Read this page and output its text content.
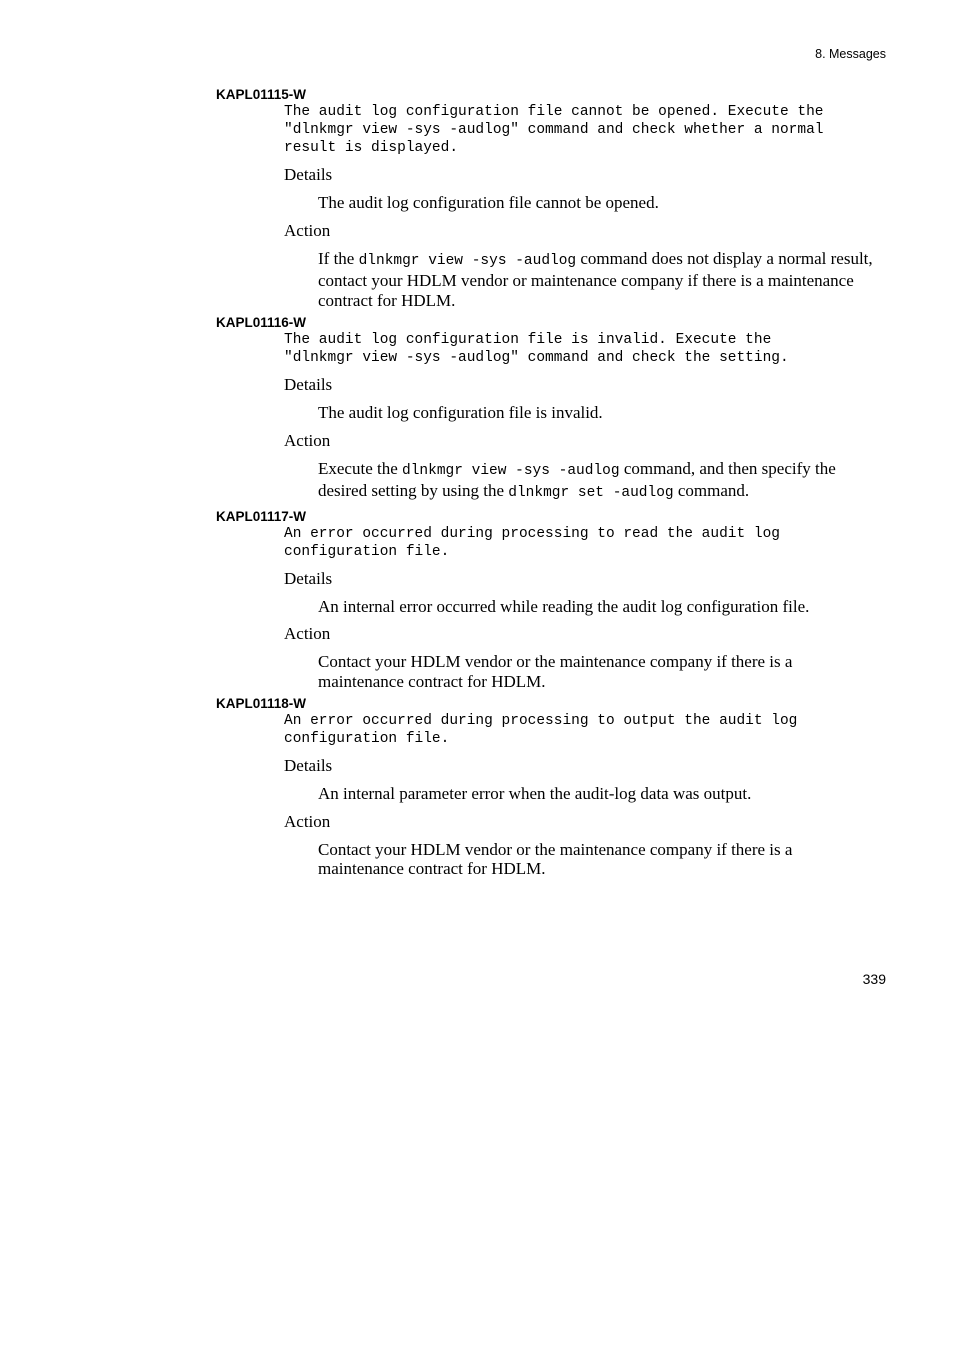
8. Messages
KAPL01115-W
The audit log configuration file cannot be opened. Execute the
"dlnkmgr view -sys -audlog" command and check whether a normal
result is displayed.
Details
The audit log configuration file cannot be opened.
Action
If the dlnkmgr view -sys -audlog command does not display a normal result, contact your HDLM vendor or maintenance company if there is a maintenance contract for HDLM.
KAPL01116-W
The audit log configuration file is invalid. Execute the
"dlnkmgr view -sys -audlog" command and check the setting.
Details
The audit log configuration file is invalid.
Action
Execute the dlnkmgr view -sys -audlog command, and then specify the desired setting by using the dlnkmgr set -audlog command.
KAPL01117-W
An error occurred during processing to read the audit log
configuration file.
Details
An internal error occurred while reading the audit log configuration file.
Action
Contact your HDLM vendor or the maintenance company if there is a maintenance contract for HDLM.
KAPL01118-W
An error occurred during processing to output the audit log
configuration file.
Details
An internal parameter error when the audit-log data was output.
Action
Contact your HDLM vendor or the maintenance company if there is a maintenance contract for HDLM.
339
